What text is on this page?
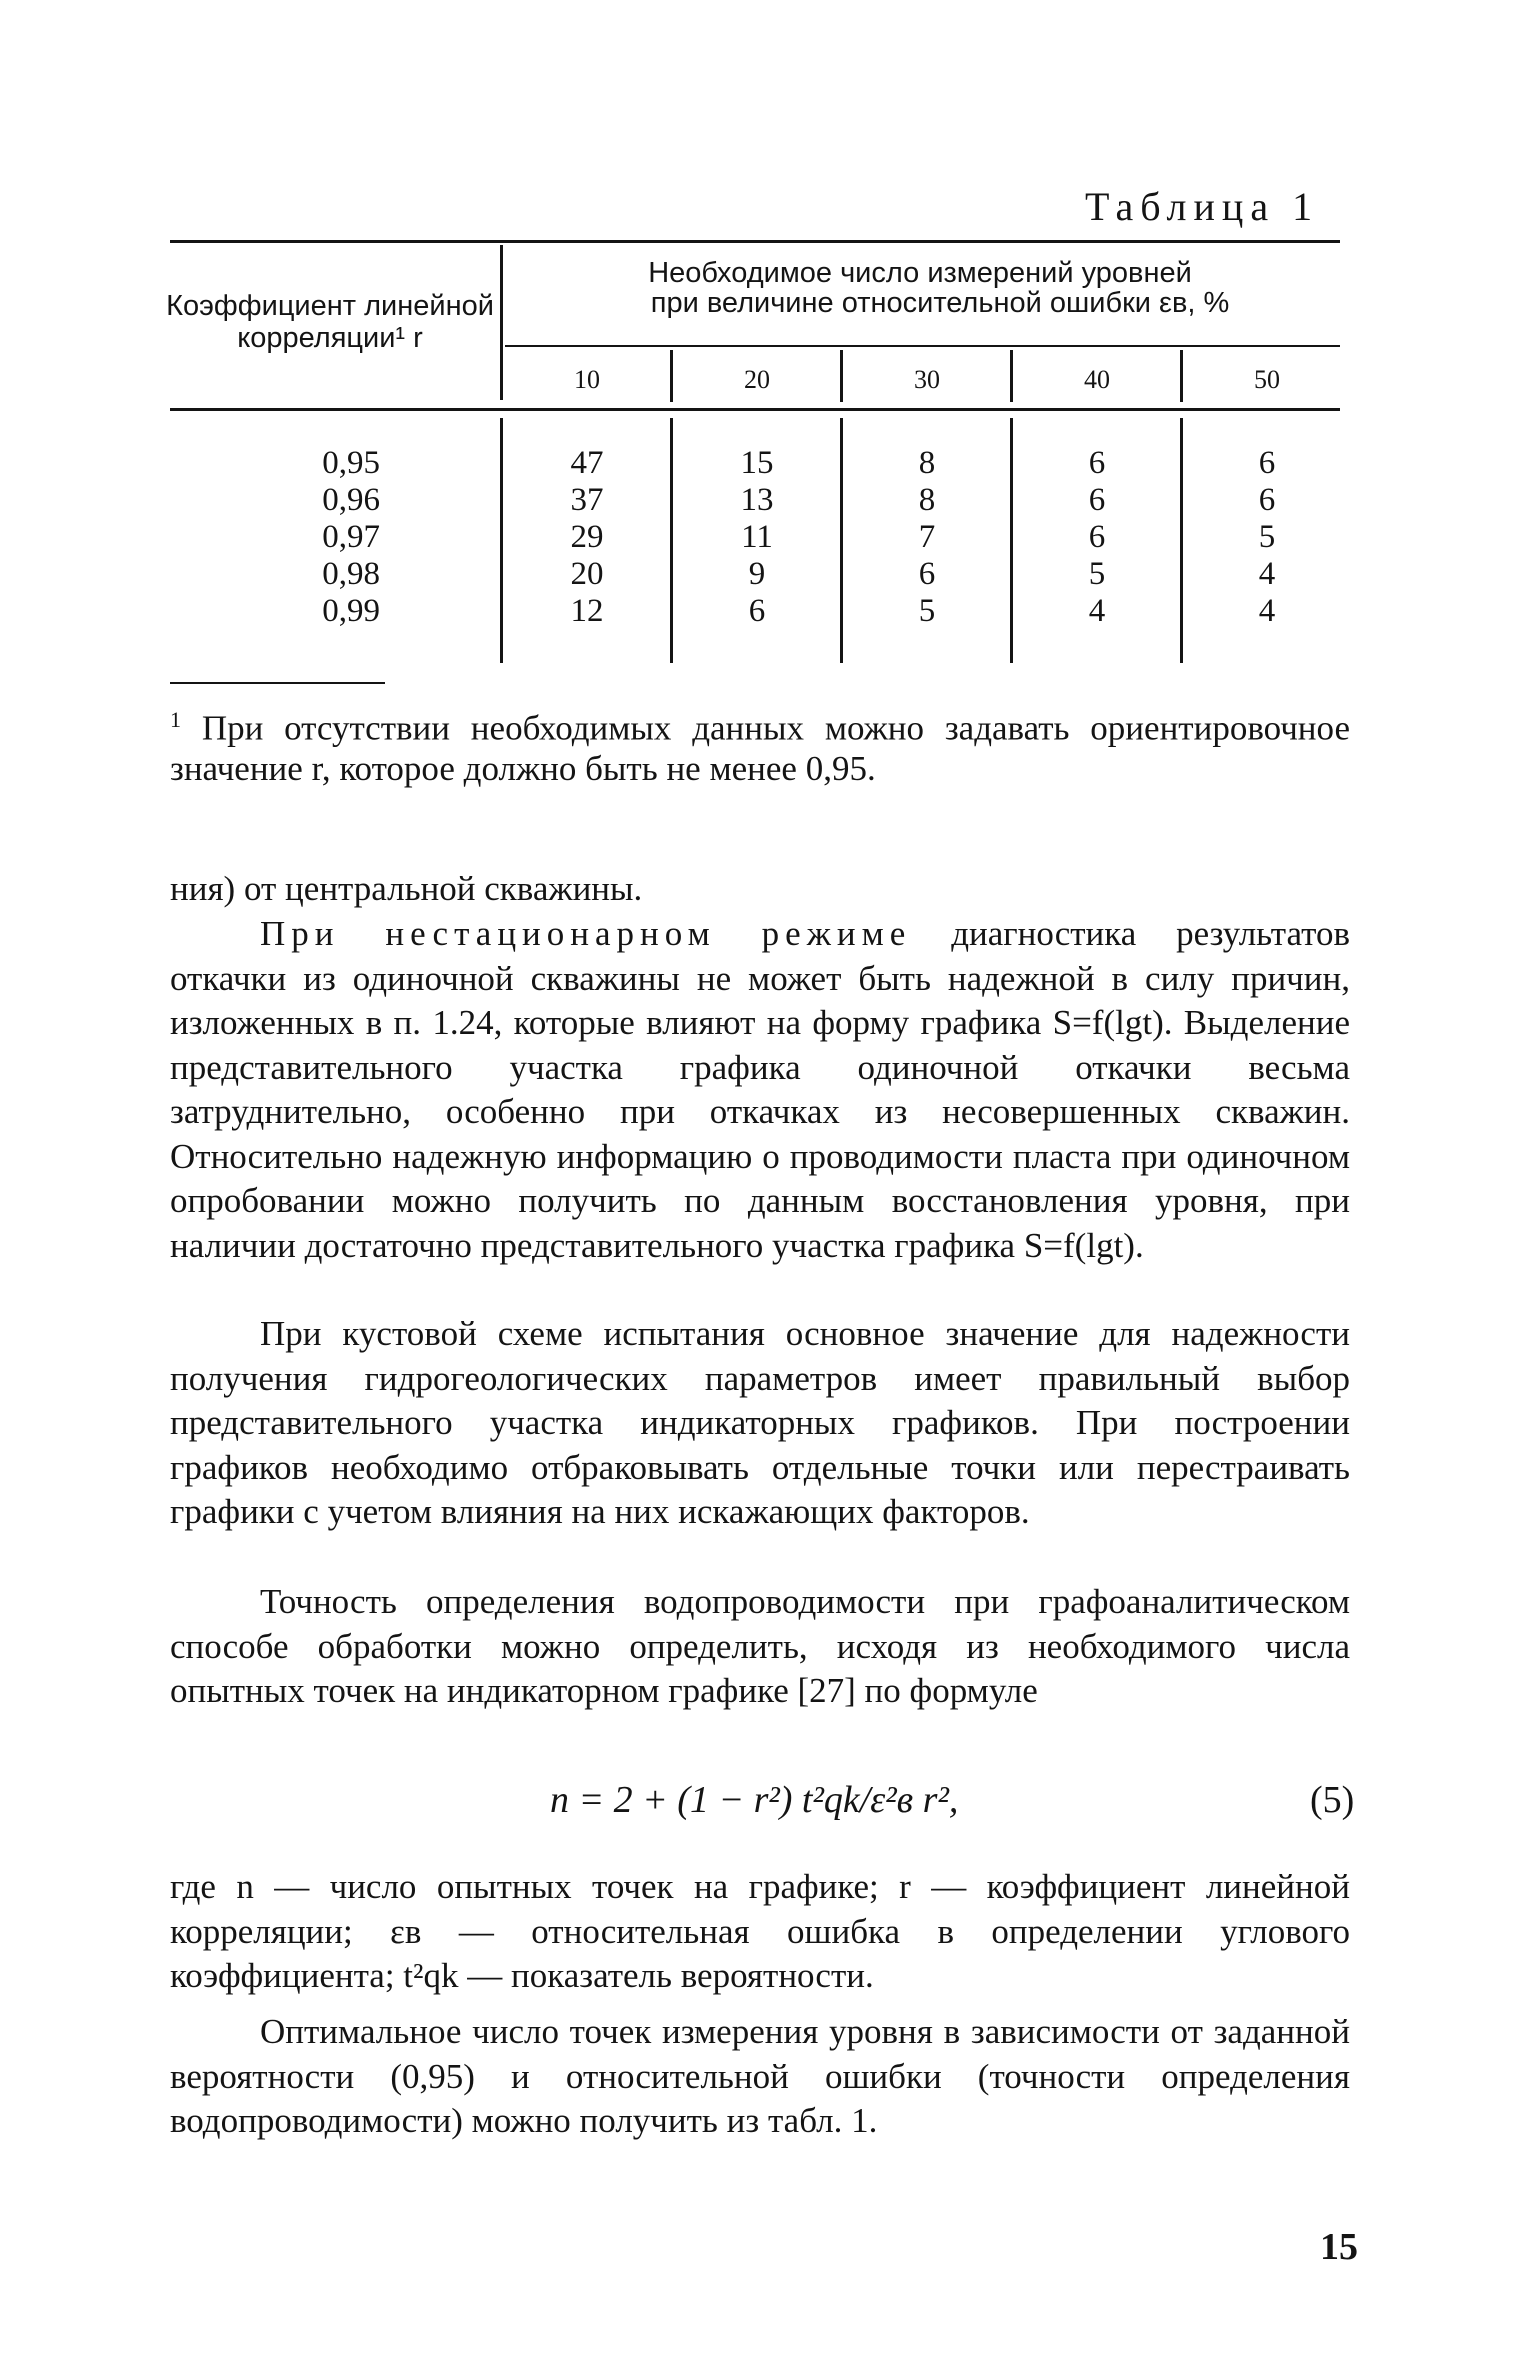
Таблица 1
Коэффициент линейной корреляции¹ r
Необходимое число измерений уровней
при величине относительной ошибки εв, %
10	20	30	40	50
0,95	47	15	8	6	6
0,96	37	13	8	6	6
0,97	29	11	7	6	5
0,98	20	9	6	5	4
0,99	12	6	5	4	4
$^1$ При отсутствии необходимых данных можно задавать ориентировочное значение r, которое должно быть не менее 0,95.
ния) от центральной скважины.
При нестационарном режиме диагностика результатов откачки из одиночной скважины не может быть надежной в силу причин, изложенных в п. 1.24, которые влияют на форму графика S=f(lgt). Выделение представительного участка графика одиночной откачки весьма затруднительно, особенно при откачках из несовершенных скважин. Относительно надежную информацию о проводимости пласта при одиночном опробовании можно получить по данным восстановления уровня, при наличии достаточно представительного участка графика S=f(lgt).
При кустовой схеме испытания основное значение для надежности получения гидрогеологических параметров имеет правильный выбор представительного участка индикаторных графиков. При построении графиков необходимо отбраковывать отдельные точки или перестраивать графики с учетом влияния на них искажающих факторов.
Точность определения водопроводимости при графоаналитическом способе обработки можно определить, исходя из необходимого числа опытных точек на индикаторном графике [27] по формуле
n = 2 + (1 − r²) t²qk/ε²в r²,	(5)
где n — число опытных точек на графике; r — коэффициент линейной корреляции; εв — относительная ошибка в определении углового коэффициента; t²qk — показатель вероятности.
Оптимальное число точек измерения уровня в зависимости от заданной вероятности (0,95) и относительной ошибки (точности определения водопроводимости) можно получить из табл. 1.
15
